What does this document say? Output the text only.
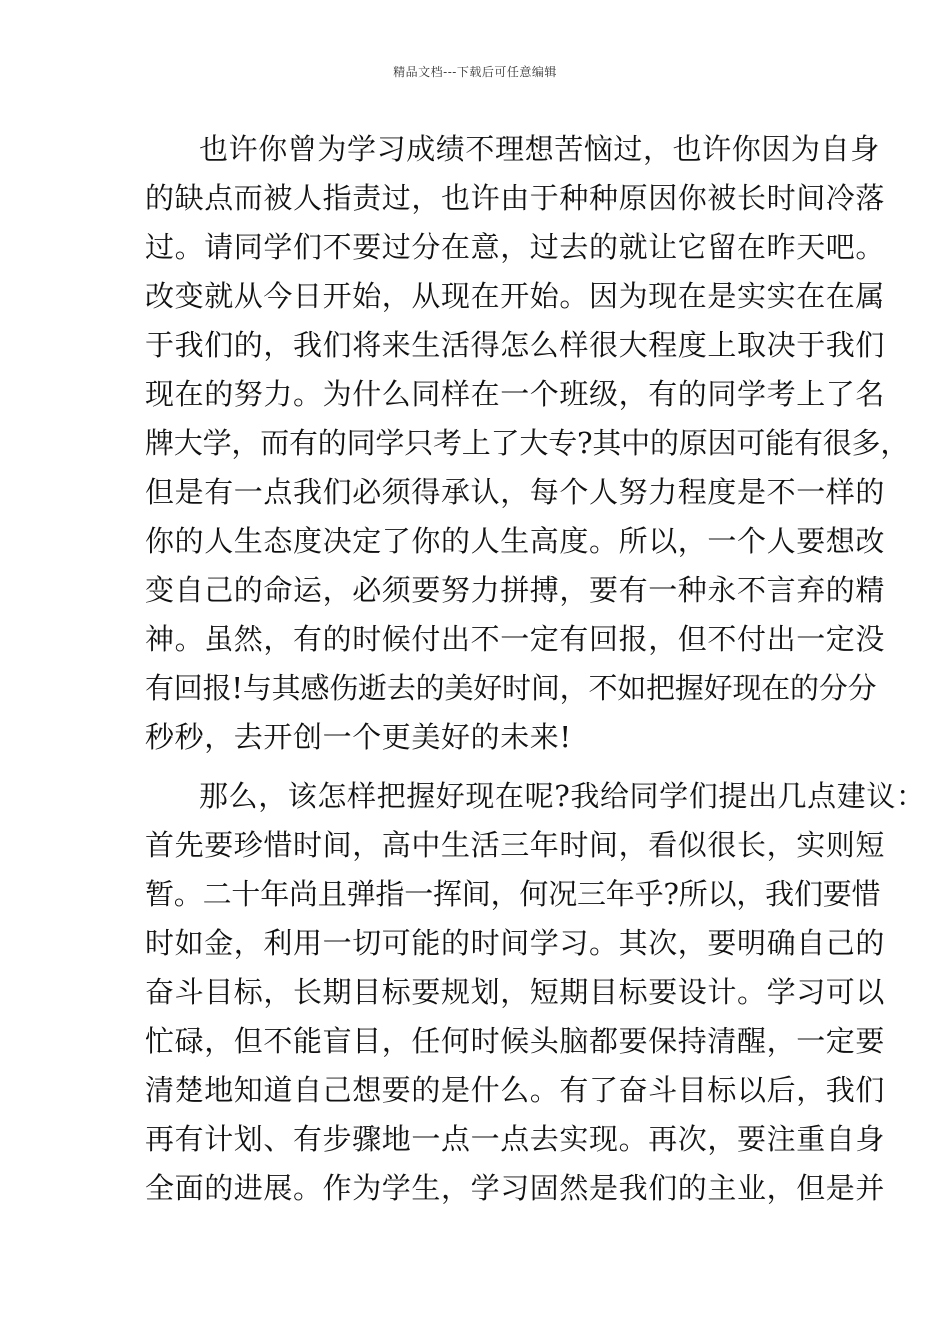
精品文档---下载后可任意编辑
也许你曾为学习成绩不理想苦恼过，也许你因为自身
的缺点而被人指责过，也许由于种种原因你被长时间冷落
过。请同学们不要过分在意，过去的就让它留在昨天吧。
改变就从今日开始，从现在开始。因为现在是实实在在属
于我们的，我们将来生活得怎么样很大程度上取决于我们
现在的努力。为什么同样在一个班级，有的同学考上了名
牌大学，而有的同学只考上了大专?其中的原因可能有很多，
但是有一点我们必须得承认，每个人努力程度是不一样的
你的人生态度决定了你的人生高度。所以，一个人要想改
变自己的命运，必须要努力拼搏，要有一种永不言弃的精
神。虽然，有的时候付出不一定有回报，但不付出一定没
有回报!与其感伤逝去的美好时间，不如把握好现在的分分
秒秒，去开创一个更美好的未来!
那么，该怎样把握好现在呢?我给同学们提出几点建议：
首先要珍惜时间，高中生活三年时间，看似很长，实则短
暂。二十年尚且弹指一挥间，何况三年乎?所以，我们要惜
时如金，利用一切可能的时间学习。其次，要明确自己的
奋斗目标，长期目标要规划，短期目标要设计。学习可以
忙碌，但不能盲目，任何时候头脑都要保持清醒，一定要
清楚地知道自己想要的是什么。有了奋斗目标以后，我们
再有计划、有步骤地一点一点去实现。再次，要注重自身
全面的进展。作为学生，学习固然是我们的主业，但是并
